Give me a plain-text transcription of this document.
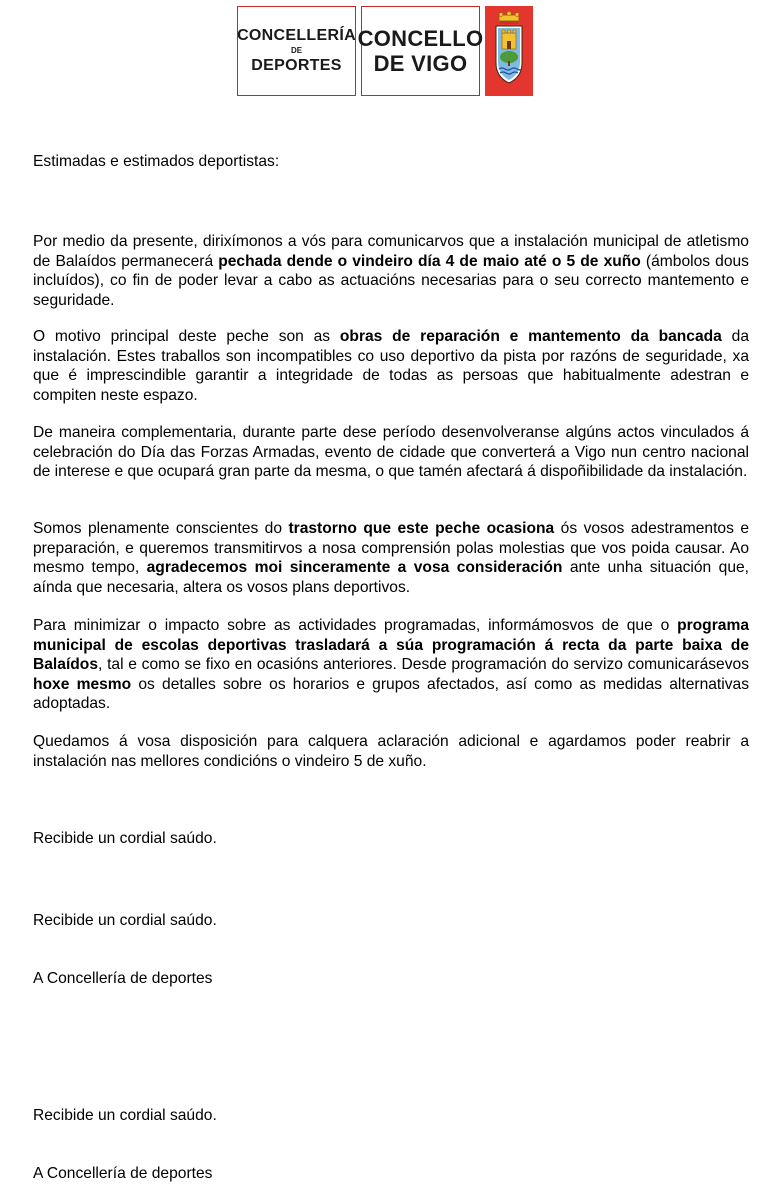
CONCELLERÍA
DE
DEPORTES
CONCELLO
DE VIGO

Estimadas e estimados deportistas:

Por medio da presente, dirixímonos a vós para comunicarvos que a instalación municipal de atletismo de Balaídos permanecerá pechada dende o vindeiro día 4 de maio até o 5 de xuño (ámbolos dous incluídos), co fin de poder levar a cabo as actuacións necesarias para o seu correcto mantemento e seguridade.

O motivo principal deste peche son as obras de reparación e mantemento da bancada da instalación. Estes traballos son incompatibles co uso deportivo da pista por razóns de seguridade, xa que é imprescindible garantir a integridade de todas as persoas que habitualmente adestran e compiten neste espazo.

De maneira complementaria, durante parte dese período desenvolveranse algúns actos vinculados á celebración do Día das Forzas Armadas, evento de cidade que converterá a Vigo nun centro nacional de interese e que ocupará gran parte da mesma, o que tamén afectará á dispoñibilidade da instalación.

Somos plenamente conscientes do trastorno que este peche ocasiona ós vosos adestramentos e preparación, e queremos transmitirvos a nosa comprensión polas molestias que vos poida causar. Ao mesmo tempo, agradecemos moi sinceramente a vosa consideración ante unha situación que, aínda que necesaria, altera os vosos plans deportivos.

Para minimizar o impacto sobre as actividades programadas, informámosvos de que o programa municipal de escolas deportivas trasladará a súa programación á recta da parte baixa de Balaídos, tal e como se fixo en ocasións anteriores. Desde programación do servizo comunicarásevos hoxe mesmo os detalles sobre os horarios e grupos afectados, así como as medidas alternativas adoptadas.

Quedamos á vosa disposición para calquera aclaración adicional e agardamos poder reabrir a instalación nas mellores condicións o vindeiro 5 de xuño.

Recibide un cordial saúdo.

Recibide un cordial saúdo.

A Concellería de deportes

Recibide un cordial saúdo.

A Concellería de deportes
